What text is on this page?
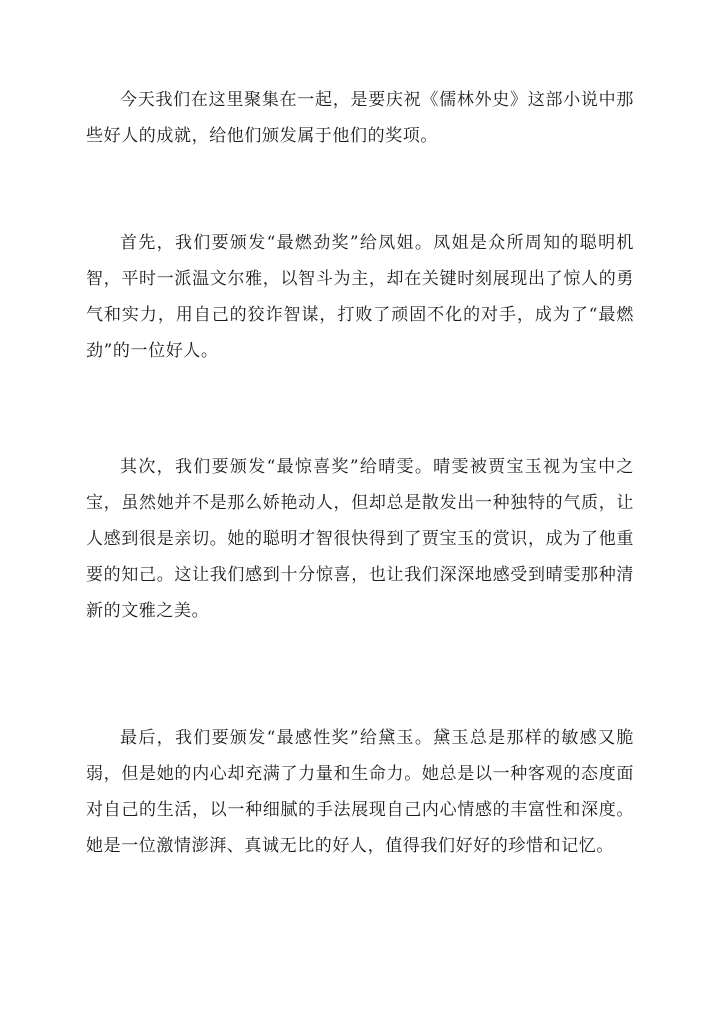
今天我们在这里聚集在一起，是要庆祝《儒林外史》这部小说中那些好人的成就，给他们颁发属于他们的奖项。

首先，我们要颁发“最燃劲奖”给凤姐。凤姐是众所周知的聪明机智，平时一派温文尔雅，以智斗为主，却在关键时刻展现出了惊人的勇气和实力，用自己的狡诈智谋，打败了顽固不化的对手，成为了“最燃劲”的一位好人。

其次，我们要颁发“最惊喜奖”给晴雯。晴雯被贾宝玉视为宝中之宝，虽然她并不是那么娇艳动人，但却总是散发出一种独特的气质，让人感到很是亲切。她的聪明才智很快得到了贾宝玉的赏识，成为了他重要的知己。这让我们感到十分惊喜，也让我们深深地感受到晴雯那种清新的文雅之美。

最后，我们要颁发“最感性奖”给黛玉。黛玉总是那样的敏感又脆弱，但是她的内心却充满了力量和生命力。她总是以一种客观的态度面对自己的生活，以一种细腻的手法展现自己内心情感的丰富性和深度。她是一位激情澎湃、真诚无比的好人，值得我们好好的珍惜和记忆。
